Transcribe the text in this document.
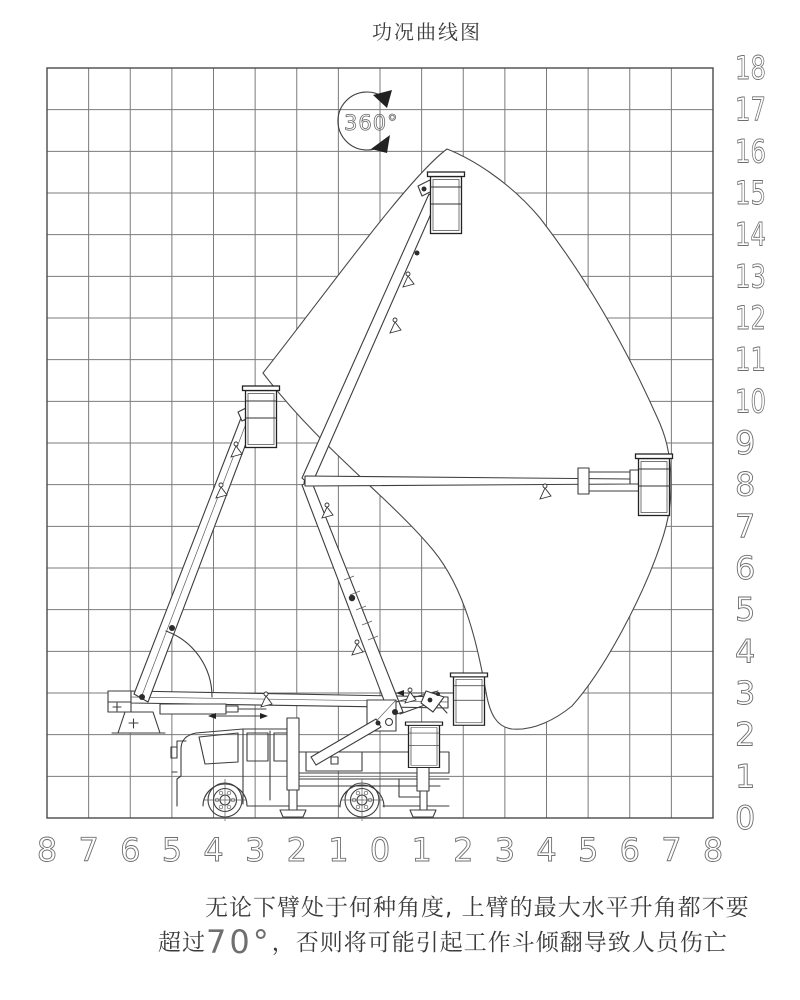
18
17
16
15
14
13
12
11
10
9
8
7
6
5
4
3
2
1
0
8 7 6 5 4 3 2 1 0 1 2 3 4 5 6 7 8
360°
功况曲线图
无论下臂处于何种角度, 上臂的最大水平升角都不要
超过70°，否则将可能引起工作斗倾翻导致人员伤亡
